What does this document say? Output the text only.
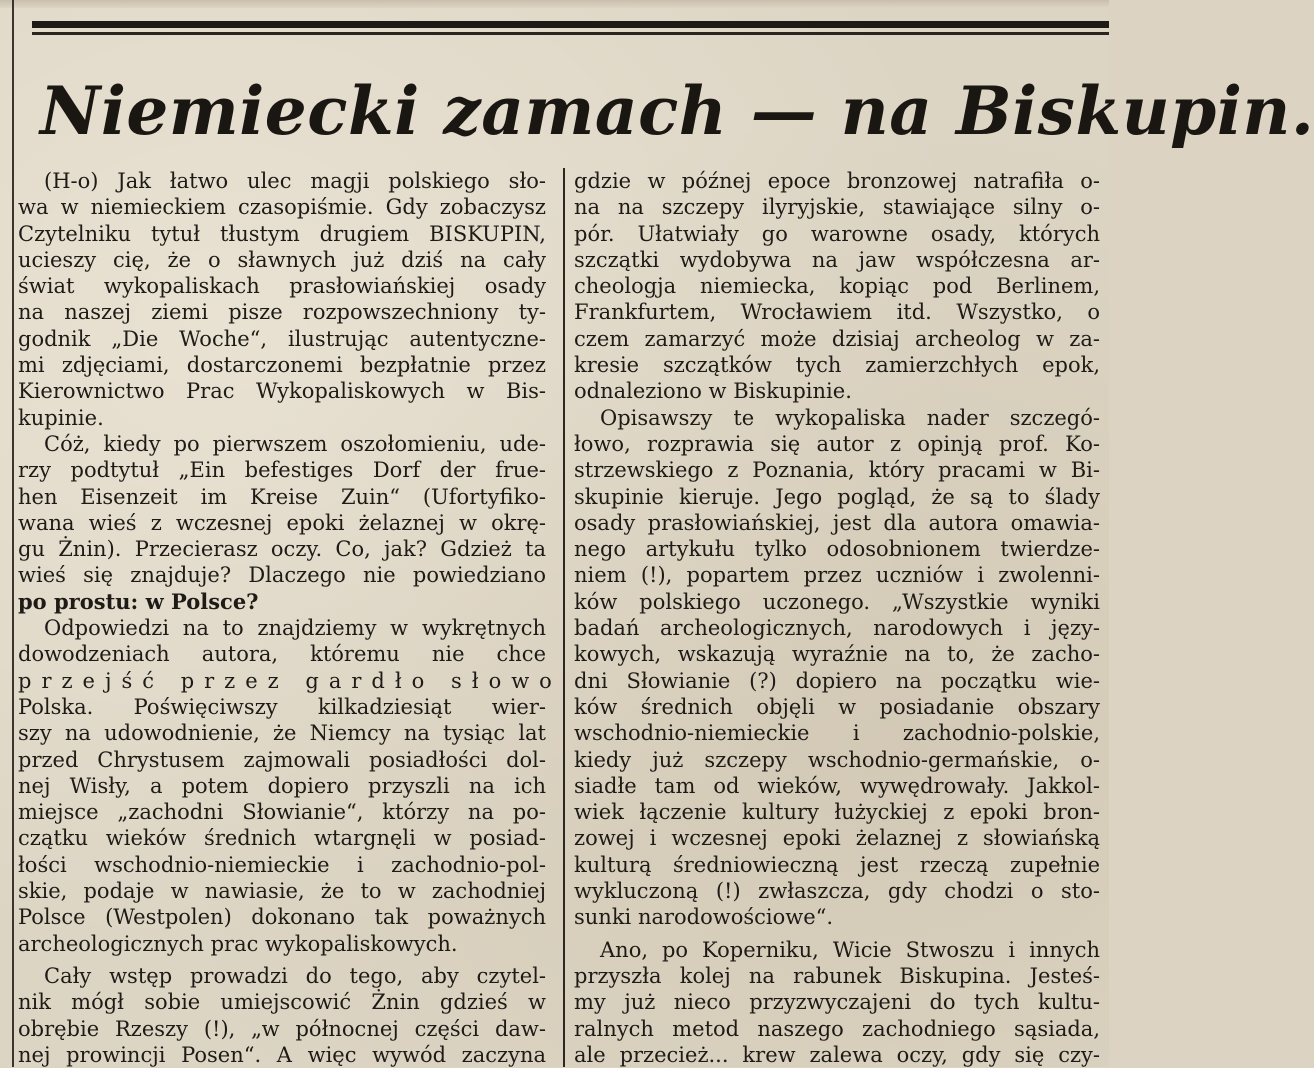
Niemiecki zamach — na Biskupin.
(H-o) Jak łatwo ulec magji polskiego sło-
wa w niemieckiem czasopiśmie. Gdy zobaczysz
Czytelniku tytuł tłustym drugiem BISKUPIN,
ucieszy cię, że o sławnych już dziś na cały
świat wykopaliskach prasłowiańskiej osady
na naszej ziemi pisze rozpowszechniony ty-
godnik „Die Woche“, ilustrując autentyczne-
mi zdjęciami, dostarczonemi bezpłatnie przez
Kierownictwo Prac Wykopaliskowych w Bis-
kupinie.
Cóż, kiedy po pierwszem oszołomieniu, ude-
rzy podtytuł „Ein befestiges Dorf der frue-
hen Eisenzeit im Kreise Zuin“ (Ufortyfiko-
wana wieś z wczesnej epoki żelaznej w okrę-
gu Żnin). Przecierasz oczy. Co, jak? Gdzież ta
wieś się znajduje? Dlaczego nie powiedziano
po prostu: w Polsce?
Odpowiedzi na to znajdziemy w wykrętnych
dowodzeniach autora, któremu nie chce
przejść przez gardło słowo
Polska. Poświęciwszy kilkadziesiąt wier-
szy na udowodnienie, że Niemcy na tysiąc lat
przed Chrystusem zajmowali posiadłości dol-
nej Wisły, a potem dopiero przyszli na ich
miejsce „zachodni Słowianie“, którzy na po-
czątku wieków średnich wtargnęli w posiad-
łości wschodnio-niemieckie i zachodnio-pol-
skie, podaje w nawiasie, że to w zachodniej
Polsce (Westpolen) dokonano tak poważnych
archeologicznych prac wykopaliskowych.
Cały wstęp prowadzi do tego, aby czytel-
nik mógł sobie umiejscowić Żnin gdzieś w
obrębie Rzeszy (!), „w północnej części daw-
nej prowincji Posen“. A więc wywód zaczyna
gdzie w późnej epoce bronzowej natrafiła o-
na na szczepy ilyryjskie, stawiające silny o-
pór. Ułatwiały go warowne osady, których
szczątki wydobywa na jaw współczesna ar-
cheologja niemiecka, kopiąc pod Berlinem,
Frankfurtem, Wrocławiem itd. Wszystko, o
czem zamarzyć może dzisiaj archeolog w za-
kresie szczątków tych zamierzchłych epok,
odnaleziono w Biskupinie.
Opisawszy te wykopaliska nader szczegó-
łowo, rozprawia się autor z opinją prof. Ko-
strzewskiego z Poznania, który pracami w Bi-
skupinie kieruje. Jego pogląd, że są to ślady
osady prasłowiańskiej, jest dla autora omawia-
nego artykułu tylko odosobnionem twierdze-
niem (!), popartem przez uczniów i zwolenni-
ków polskiego uczonego. „Wszystkie wyniki
badań archeologicznych, narodowych i języ-
kowych, wskazują wyraźnie na to, że zacho-
dni Słowianie (?) dopiero na początku wie-
ków średnich objęli w posiadanie obszary
wschodnio-niemieckie i zachodnio-polskie,
kiedy już szczepy wschodnio-germańskie, o-
siadłe tam od wieków, wywędrowały. Jakkol-
wiek łączenie kultury łużyckiej z epoki bron-
zowej i wczesnej epoki żelaznej z słowiańską
kulturą średniowieczną jest rzeczą zupełnie
wykluczoną (!) zwłaszcza, gdy chodzi o sto-
sunki narodowościowe“.
Ano, po Koperniku, Wicie Stwoszu i innych
przyszła kolej na rabunek Biskupina. Jesteś-
my już nieco przyzwyczajeni do tych kultu-
ralnych metod naszego zachodniego sąsiada,
ale przecież... krew zalewa oczy, gdy się czy-
